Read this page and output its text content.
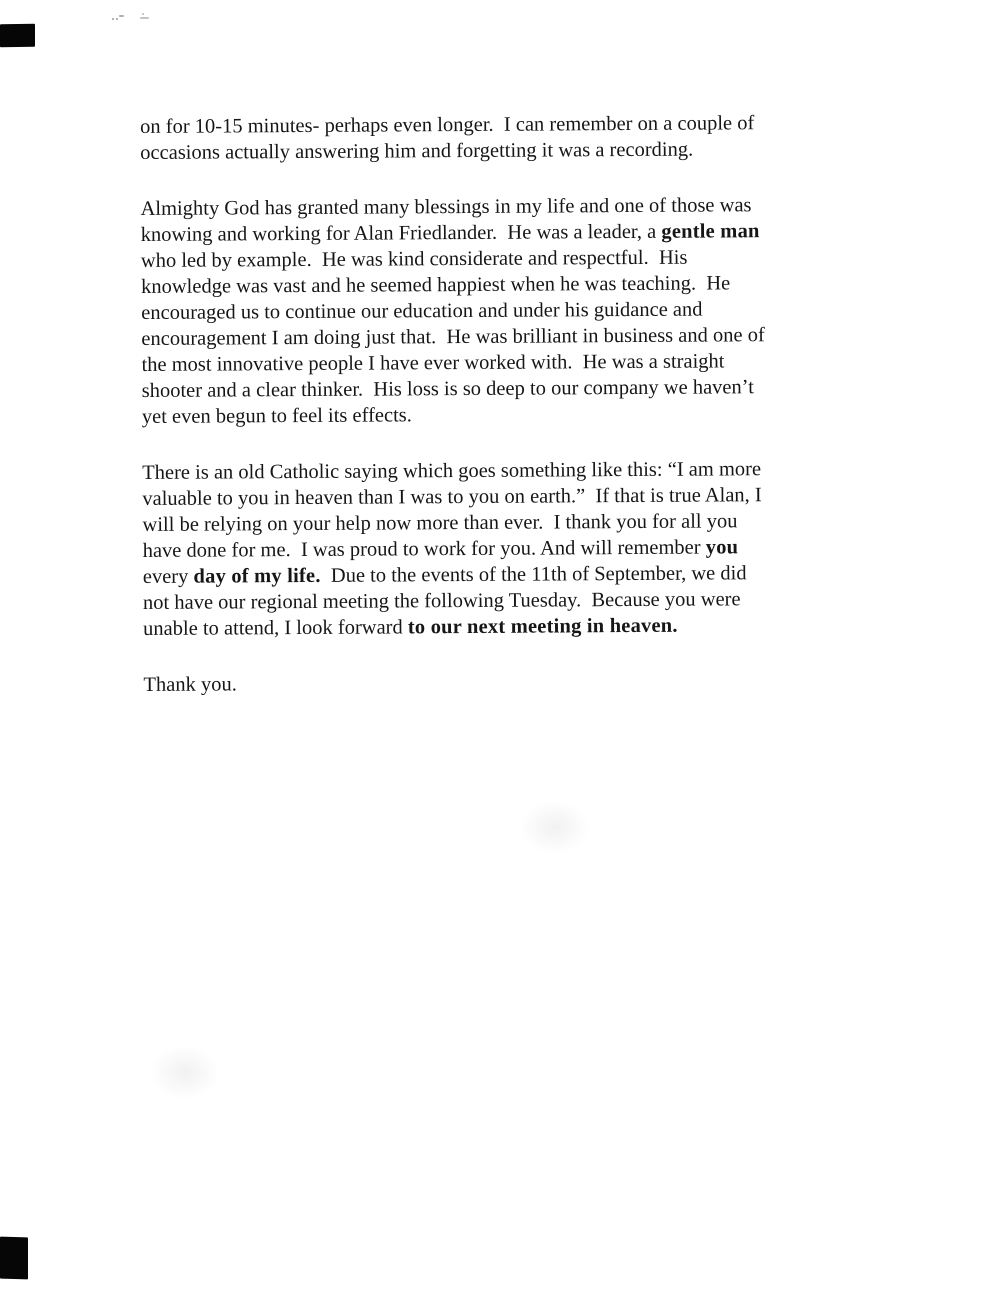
on for 10-15 minutes- perhaps even longer.  I can remember on a couple of
occasions actually answering him and forgetting it was a recording.

Almighty God has granted many blessings in my life and one of those was
knowing and working for Alan Friedlander.  He was a leader, a gentle man
who led by example.  He was kind considerate and respectful.  His
knowledge was vast and he seemed happiest when he was teaching.  He
encouraged us to continue our education and under his guidance and
encouragement I am doing just that.  He was brilliant in business and one of
the most innovative people I have ever worked with.  He was a straight
shooter and a clear thinker.  His loss is so deep to our company we haven’t
yet even begun to feel its effects.

There is an old Catholic saying which goes something like this: “I am more
valuable to you in heaven than I was to you on earth.”  If that is true Alan, I
will be relying on your help now more than ever.  I thank you for all you
have done for me.  I was proud to work for you. And will remember you
every day of my life.  Due to the events of the 11th of September, we did
not have our regional meeting the following Tuesday.  Because you were
unable to attend, I look forward to our next meeting in heaven.

Thank you.
